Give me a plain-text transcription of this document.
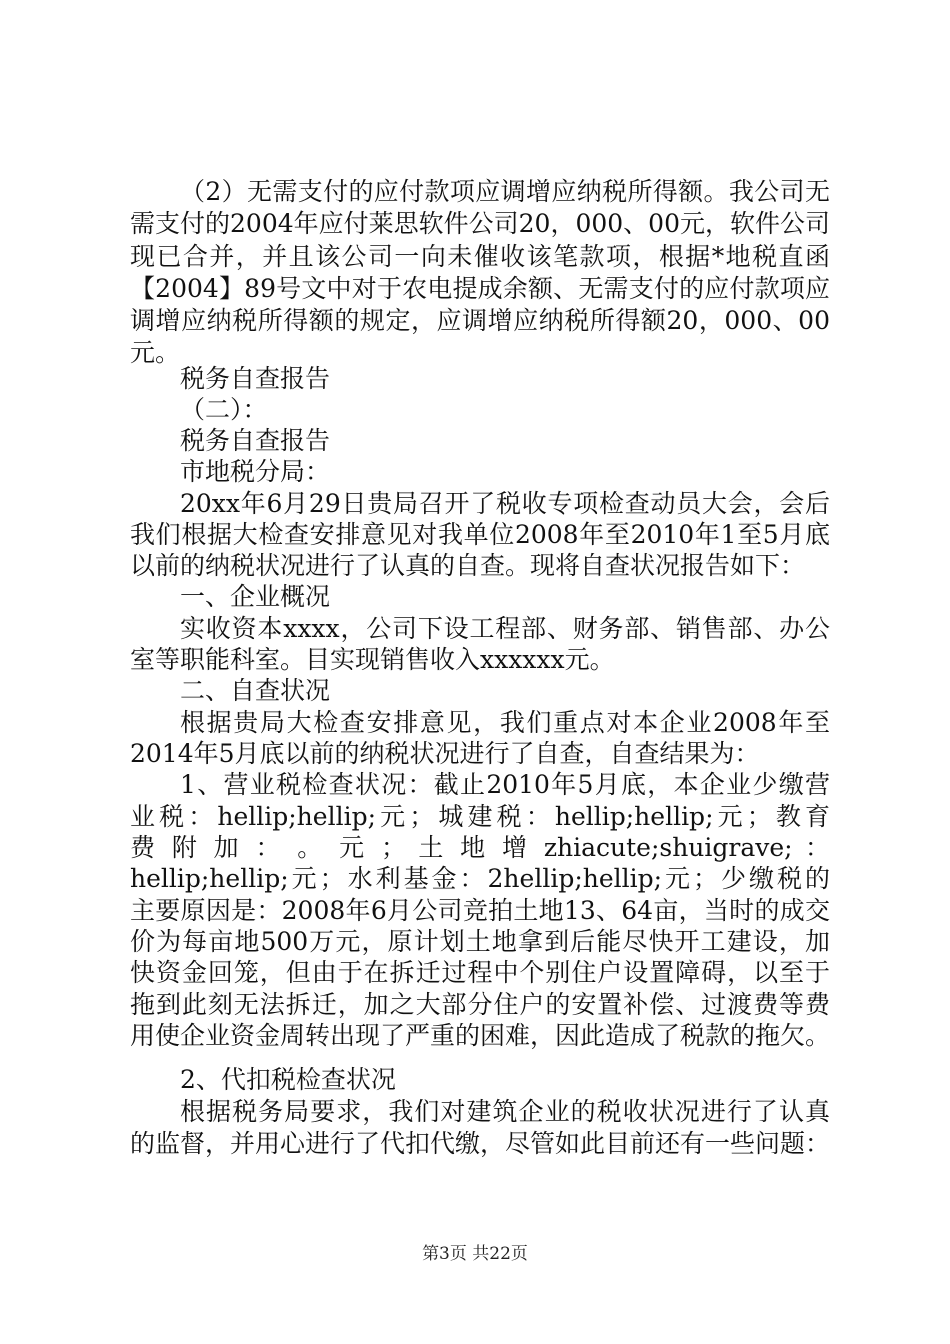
（2）无需支付的应付款项应调增应纳税所得额。我公司无
需支付的2004年应付莱思软件公司20，000、00元，软件公司
现已合并，并且该公司一向未催收该笔款项，根据*地税直函
【2004】89号文中对于农电提成余额、无需支付的应付款项应
调增应纳税所得额的规定，应调增应纳税所得额20，000、00
元。
税务自查报告
（二）：
税务自查报告
市地税分局：
20xx年6月29日贵局召开了税收专项检查动员大会，会后
我们根据大检查安排意见对我单位2008年至2010年1至5月底
以前的纳税状况进行了认真的自查。现将自查状况报告如下：
一、企业概况
实收资本xxxx，公司下设工程部、财务部、销售部、办公
室等职能科室。目实现销售收入xxxxxx元。
二、自查状况
根据贵局大检查安排意见，我们重点对本企业2008年至
2014年5月底以前的纳税状况进行了自查，自查结果为：
1、营业税检查状况：截止2010年5月底，本企业少缴营
业税：hellip;hellip;元；城建税：hellip;hellip;元；教育
费 附 加 ： 。 元 ； 土 地 增 zhiacute;shuigrave; ：
hellip;hellip;元；水利基金：2hellip;hellip;元；少缴税的
主要原因是：2008年6月公司竞拍土地13、64亩，当时的成交
价为每亩地500万元，原计划土地拿到后能尽快开工建设，加
快资金回笼，但由于在拆迁过程中个别住户设置障碍，以至于
拖到此刻无法拆迁，加之大部分住户的安置补偿、过渡费等费
用使企业资金周转出现了严重的困难，因此造成了税款的拖欠。
2、代扣税检查状况
根据税务局要求，我们对建筑企业的税收状况进行了认真
的监督，并用心进行了代扣代缴，尽管如此目前还有一些问题：
第3页 共22页
